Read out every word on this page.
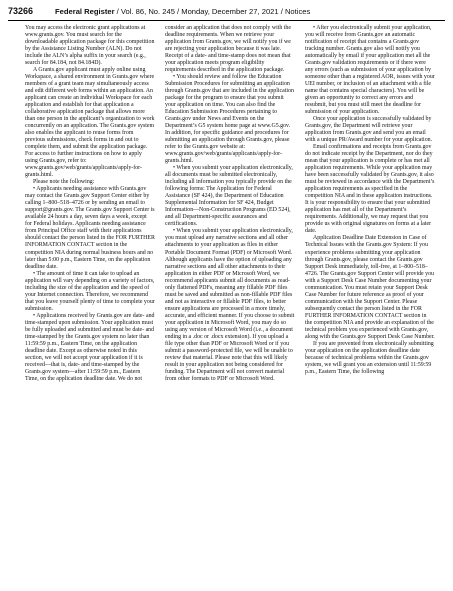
73266	Federal Register / Vol. 86, No. 245 / Monday, December 27, 2021 / Notices

You may access the electronic grant applications at www.grants.gov. You must search for the downloadable application package for this competition by the Assistance Listing Number (ALN). Do not include the ALN’s alpha suffix in your search (e.g., search for 84.184, not 84.184D).

A Grants.gov applicant must apply online using Workspace, a shared environment in Grants.gov where members of a grant team may simultaneously access and edit different web forms within an application. An applicant can create an individual Workspace for each application and establish for that application a collaborative application package that allows more than one person in the applicant’s organization to work concurrently on an application. The Grants.gov system also enables the applicant to reuse forms from previous submissions, check forms in and out to complete them, and submit the application package. For access to further instructions on how to apply using Grants.gov, refer to: www.grants.gov/web/grants/applicants/apply-for-grants.html.

Please note the following:

• Applicants needing assistance with Grants.gov may contact the Grants.gov Support Center either by calling 1–800–518–4726 or by sending an email to support@grants.gov. The Grants.gov Support Center is available 24 hours a day, seven days a week, except for Federal holidays. Applicants needing assistance from Principal Office staff with their applications should contact the person listed in the FOR FURTHER INFORMATION CONTACT section in the competition NIA during normal business hours and no later than 5:00 p.m., Eastern Time, on the application deadline date.

• The amount of time it can take to upload an application will vary depending on a variety of factors, including the size of the application and the speed of your Internet connection. Therefore, we recommend that you leave yourself plenty of time to complete your submission.

• Applications received by Grants.gov are date- and time-stamped upon submission. Your application must be fully uploaded and submitted and must be date- and time-stamped by the Grants.gov system no later than 11:59:59 p.m., Eastern Time, on the application deadline date. Except as otherwise noted in this section, we will not accept your application if it is received—that is, date- and time-stamped by the Grants.gov system—after 11:59:59 p.m., Eastern Time, on the application deadline date. We do not

consider an application that does not comply with the deadline requirements. When we retrieve your application from Grants.gov, we will notify you if we are rejecting your application because it was late. Receipt of a date- and time-stamp does not mean that your application meets program eligibility requirements described in the application package.

• You should review and follow the Education Submission Procedures for submitting an application through Grants.gov that are included in the application package for the program to ensure that you submit your application on time. You can also find the Education Submission Procedures pertaining to Grants.gov under News and Events on the Department’s G5 system home page at www.G5.gov. In addition, for specific guidance and procedures for submitting an application through Grants.gov, please refer to the Grants.gov website at: www.grants.gov/web/grants/applicants/apply-for-grants.html.

• When you submit your application electronically, all documents must be submitted electronically, including all information you typically provide on the following forms: The Application for Federal Assistance (SF 424), the Department of Education Supplemental Information for SF 424, Budget Information—Non-Construction Programs (ED 524), and all Department-specific assurances and certifications.

• When you submit your application electronically, you must upload any narrative sections and all other attachments to your application as files in either Portable Document Format (PDF) or Microsoft Word. Although applicants have the option of uploading any narrative sections and all other attachments to their application in either PDF or Microsoft Word, we recommend applicants submit all documents as read-only flattened PDFs, meaning any fillable PDF files must be saved and submitted as non-fillable PDF files and not as interactive or fillable PDF files, to better ensure applications are processed in a more timely, accurate, and efficient manner. If you choose to submit your application in Microsoft Word, you may do so using any version of Microsoft Word (i.e., a document ending in a .doc or .docx extension). If you upload a file type other than PDF or Microsoft Word or if you submit a password-protected file, we will be unable to review that material. Please note that this will likely result in your application not being considered for funding. The Department will not convert material from other formats to PDF or Microsoft Word.

• After you electronically submit your application, you will receive from Grants.gov an automatic notification of receipt that contains a Grants.gov tracking number. Grants.gov also will notify you automatically by email if your application met all the Grants.gov validation requirements or if there were any errors (such as submission of your application by someone other than a registered AOR, issues with your UEI number, or inclusion of an attachment with a file name that contains special characters). You will be given an opportunity to correct any errors and resubmit, but you must still meet the deadline for submission of your application.

Once your application is successfully validated by Grants.gov, the Department will retrieve your application from Grants.gov and send you an email with a unique PR/Award number for your application.

Email confirmations and receipts from Grants.gov do not indicate receipt by the Department, nor do they mean that your application is complete or has met all application requirements. While your application may have been successfully validated by Grants.gov, it also must be reviewed in accordance with the Department’s application requirements as specified in the competition NIA and in these application instructions. It is your responsibility to ensure that your submitted application has met all of the Department’s requirements. Additionally, we may request that you provide us with original signatures on forms at a later date.

Application Deadline Date Extension in Case of Technical Issues with the Grants.gov System: If you experience problems submitting your application through Grants.gov, please contact the Grants.gov Support Desk immediately, toll-free, at 1–800–518–4726. The Grants.gov Support Center will provide you with a Support Desk Case Number documenting your communication. You must retain your Support Desk Case Number for future reference as proof of your communication with the Support Center. Please subsequently contact the person listed in the FOR FURTHER INFORMATION CONTACT section in the competition NIA and provide an explanation of the technical problem you experienced with Grants.gov, along with the Grants.gov Support Desk Case Number.

If you are prevented from electronically submitting your application on the application deadline date because of technical problems within the Grants.gov system, we will grant you an extension until 11:59:59 p.m., Eastern Time, the following
